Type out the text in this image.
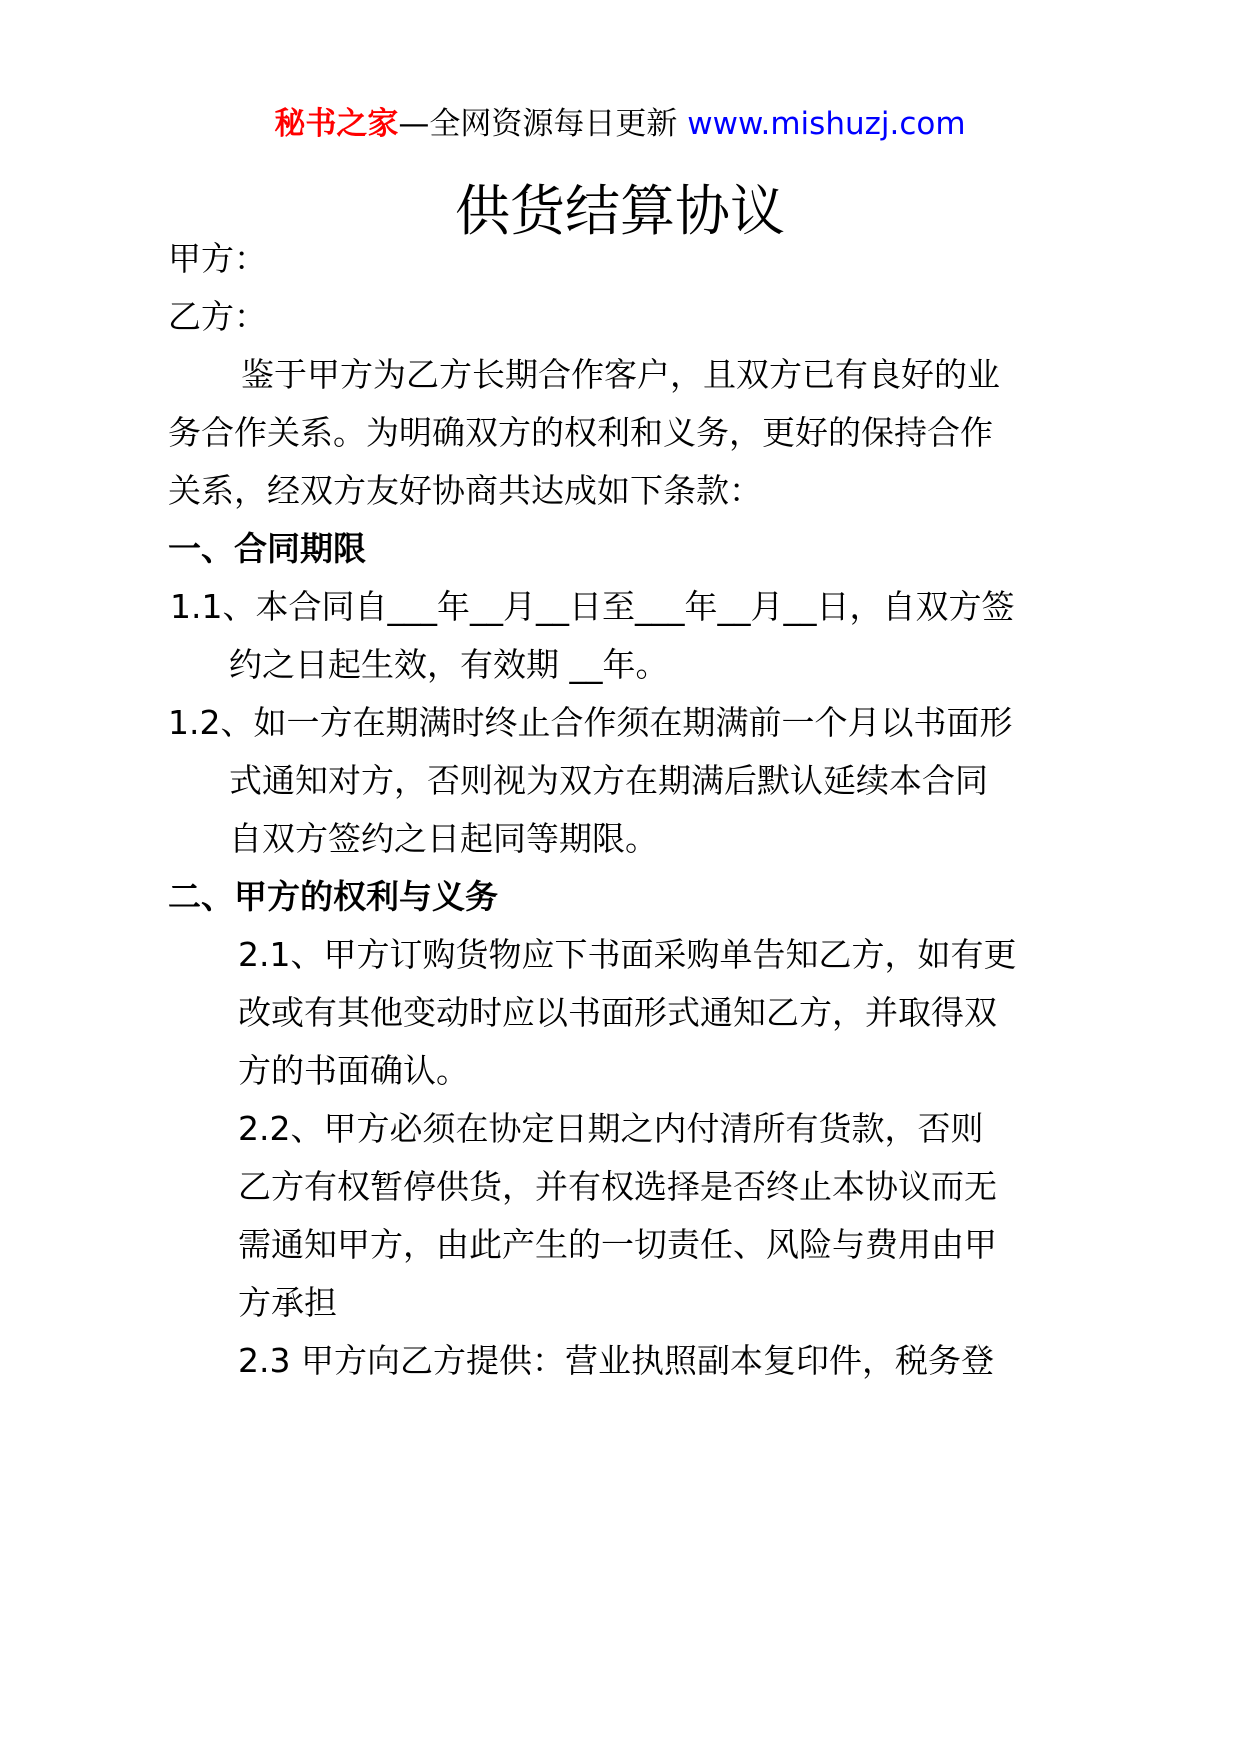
秘书之家—全网资源每日更新 www.mishuzj.com
供货结算协议
甲方：
乙方：
鉴于甲方为乙方长期合作客户，且双方已有良好的业
务合作关系。为明确双方的权利和义务，更好的保持合作
关系，经双方友好协商共达成如下条款：
一、合同期限
1.1、本合同自___年__月__日至___年__月__日，自双方签
约之日起生效，有效期 __年。
1.2、如一方在期满时终止合作须在期满前一个月以书面形
式通知对方，否则视为双方在期满后默认延续本合同
自双方签约之日起同等期限。
二、甲方的权利与义务
2.1、甲方订购货物应下书面采购单告知乙方，如有更
改或有其他变动时应以书面形式通知乙方，并取得双
方的书面确认。
2.2、甲方必须在协定日期之内付清所有货款，否则
乙方有权暂停供货，并有权选择是否终止本协议而无
需通知甲方，由此产生的一切责任、风险与费用由甲
方承担
2.3 甲方向乙方提供：营业执照副本复印件，税务登
